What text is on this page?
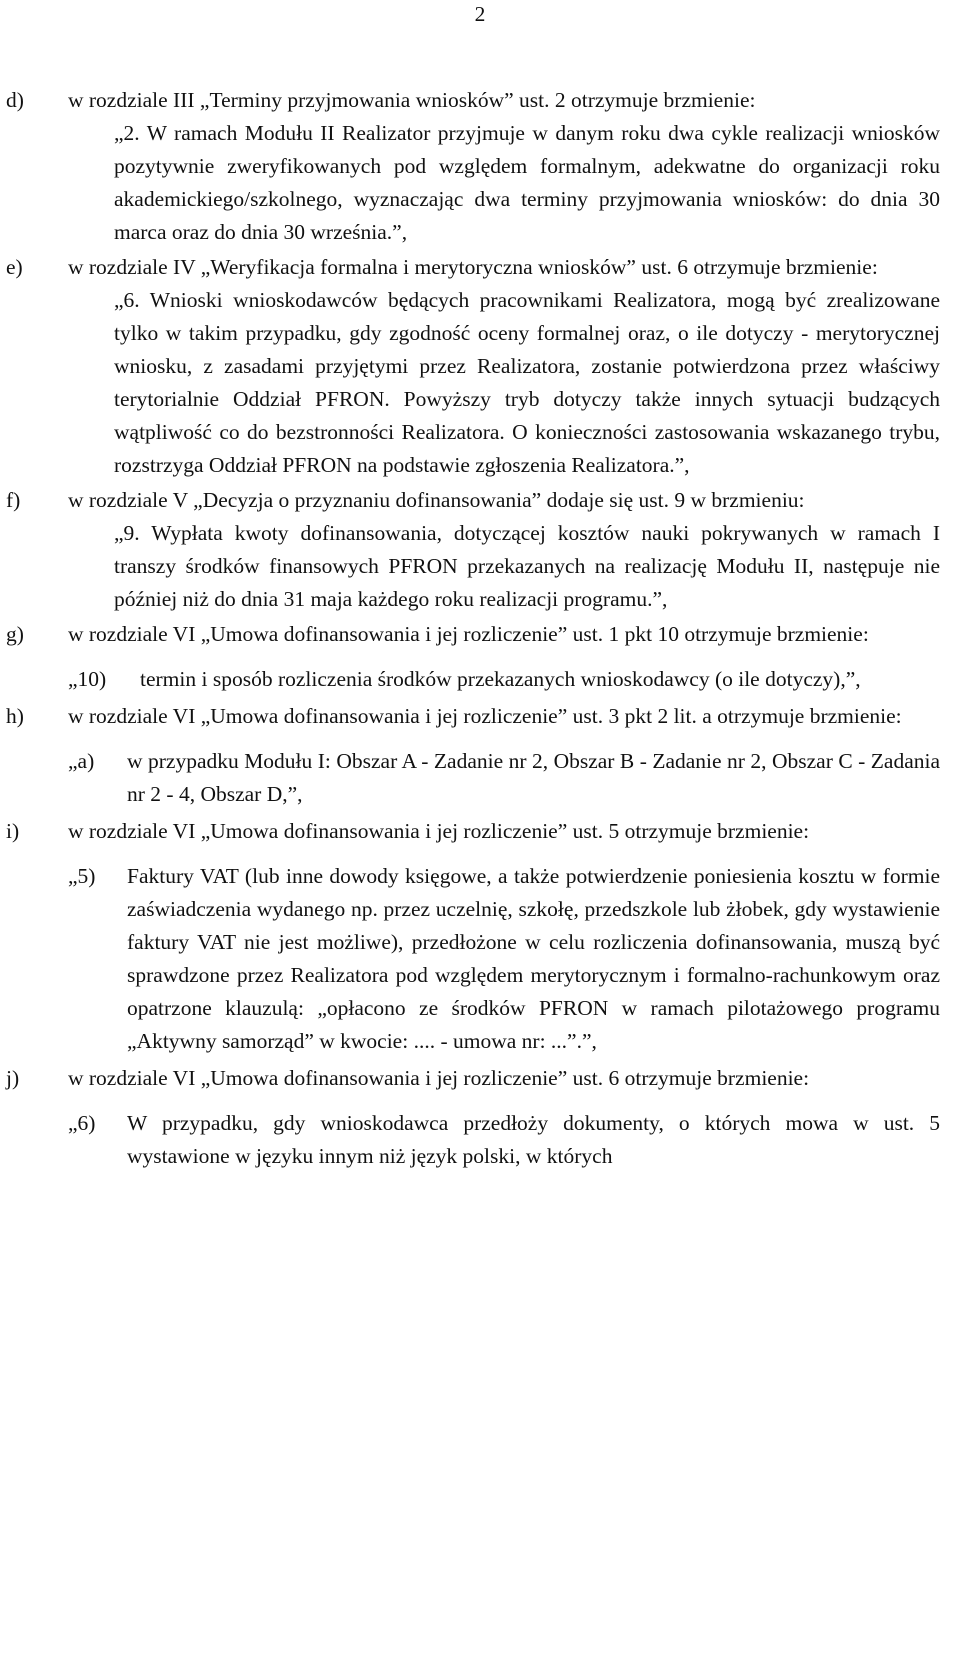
2
d) w rozdziale III „Terminy przyjmowania wniosków” ust. 2 otrzymuje brzmienie:
„2. W ramach Modułu II Realizator przyjmuje w danym roku dwa cykle realizacji wniosków pozytywnie zweryfikowanych pod względem formalnym, adekwatne do organizacji roku akademickiego/szkolnego, wyznaczając dwa terminy przyjmowania wniosków: do dnia 30 marca oraz do dnia 30 września.”,
e) w rozdziale IV „Weryfikacja formalna i merytoryczna wniosków” ust. 6 otrzymuje brzmienie:
„6. Wnioski wnioskodawców będących pracownikami Realizatora, mogą być zrealizowane tylko w takim przypadku, gdy zgodność oceny formalnej oraz, o ile dotyczy - merytorycznej wniosku, z zasadami przyjętymi przez Realizatora, zostanie potwierdzona przez właściwy terytorialnie Oddział PFRON. Powyższy tryb dotyczy także innych sytuacji budzących wątpliwość co do bezstronności Realizatora. O konieczności zastosowania wskazanego trybu, rozstrzyga Oddział PFRON na podstawie zgłoszenia Realizatora.”,
f) w rozdziale V „Decyzja o przyznaniu dofinansowania” dodaje się ust. 9 w brzmieniu:
„9. Wypłata kwoty dofinansowania, dotyczącej kosztów nauki pokrywanych w ramach I transzy środków finansowych PFRON przekazanych na realizację Modułu II, następuje nie później niż do dnia 31 maja każdego roku realizacji programu.”,
g) w rozdziale VI „Umowa dofinansowania i jej rozliczenie” ust. 1 pkt 10 otrzymuje brzmienie:
„10) termin i sposób rozliczenia środków przekazanych wnioskodawcy (o ile dotyczy),”,
h) w rozdziale VI „Umowa dofinansowania i jej rozliczenie” ust. 3 pkt 2 lit. a otrzymuje brzmienie:
„a) w przypadku Modułu I: Obszar A - Zadanie nr 2, Obszar B - Zadanie nr 2, Obszar C - Zadania nr 2 - 4, Obszar D,”,
i) w rozdziale VI „Umowa dofinansowania i jej rozliczenie” ust. 5 otrzymuje brzmienie:
„5) Faktury VAT (lub inne dowody księgowe, a także potwierdzenie poniesienia kosztu w formie zaświadczenia wydanego np. przez uczelnię, szkołę, przedszkole lub żłobek, gdy wystawienie faktury VAT nie jest możliwe), przedłożone w celu rozliczenia dofinansowania, muszą być sprawdzone przez Realizatora pod względem merytorycznym i formalno-rachunkowym oraz opatrzone klauzulą: „opłacono ze środków PFRON w ramach pilotażowego programu „Aktywny samorząd” w kwocie: .... - umowa nr: ...”.”,
j) w rozdziale VI „Umowa dofinansowania i jej rozliczenie” ust. 6 otrzymuje brzmienie:
„6) W przypadku, gdy wnioskodawca przedłoży dokumenty, o których mowa w ust. 5 wystawione w języku innym niż język polski, w których
